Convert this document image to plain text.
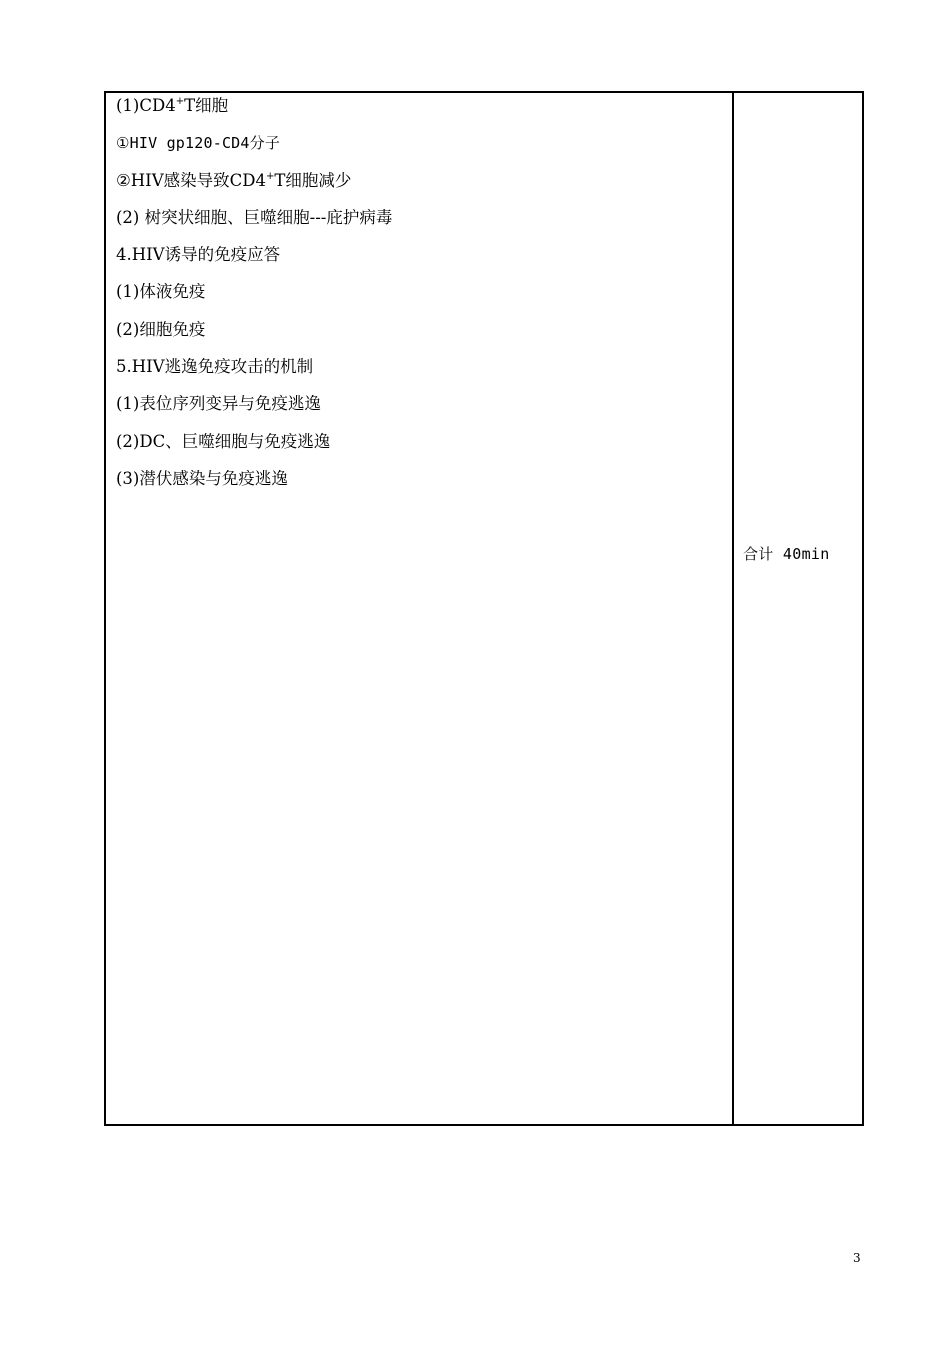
(1)CD4+T细胞
①HIV gp120-CD4分子
②HIV感染导致CD4+T细胞减少
(2) 树突状细胞、巨噬细胞---庇护病毒
4.HIV诱导的免疫应答
(1)体液免疫
(2)细胞免疫
5.HIV逃逸免疫攻击的机制
(1)表位序列变异与免疫逃逸
(2)DC、巨噬细胞与免疫逃逸
(3)潜伏感染与免疫逃逸
合计 40min
3
